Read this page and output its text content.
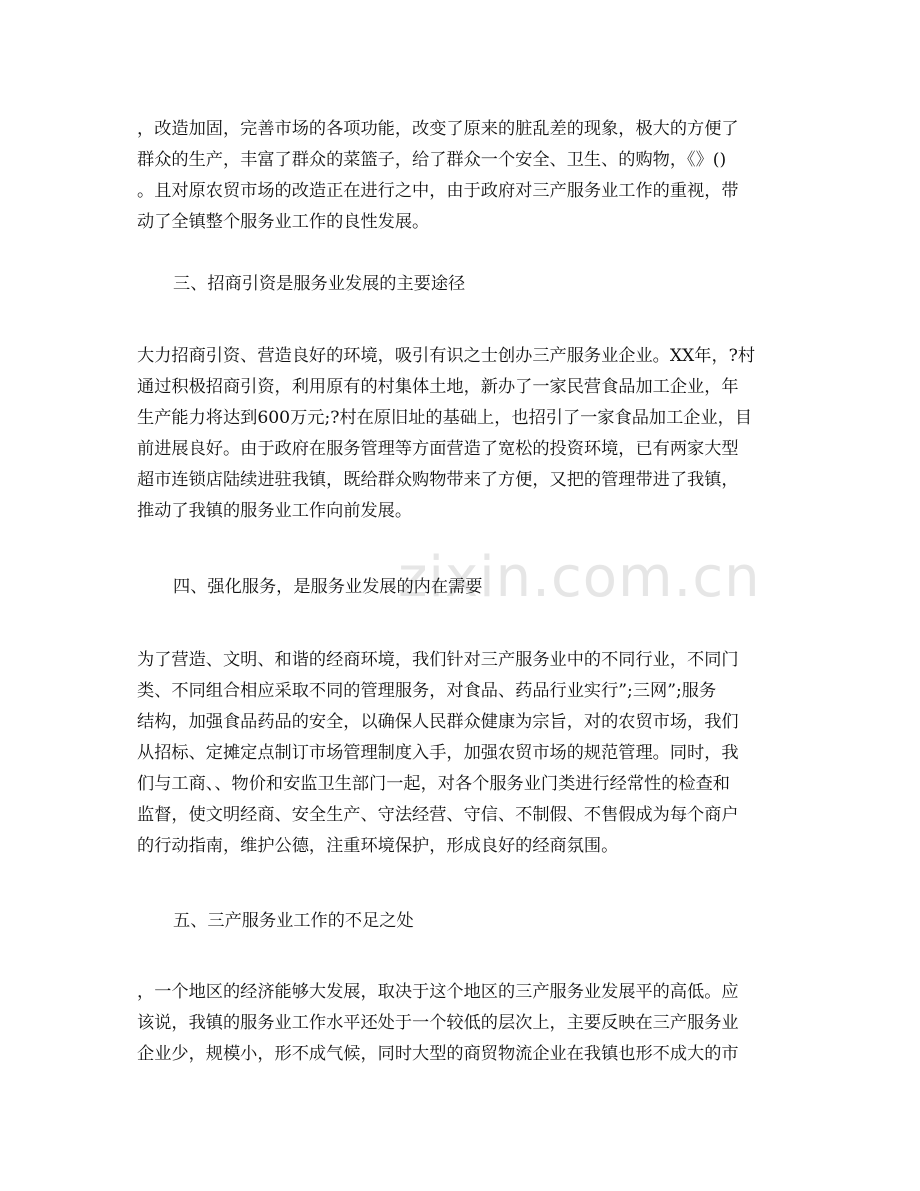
zixin.com.cn
，改造加固，完善市场的各项功能，改变了原来的脏乱差的现象，极大的方便了
群众的生产，丰富了群众的菜篮子，给了群众一个安全、卫生、的购物，《》()
。且对原农贸市场的改造正在进行之中，由于政府对三产服务业工作的重视，带
动了全镇整个服务业工作的良性发展。
三、招商引资是服务业发展的主要途径
大力招商引资、营造良好的环境，吸引有识之士创办三产服务业企业。XX年，?村
通过积极招商引资，利用原有的村集体土地，新办了一家民营食品加工企业，年
生产能力将达到600万元;?村在原旧址的基础上，也招引了一家食品加工企业，目
前进展良好。由于政府在服务管理等方面营造了宽松的投资环境，已有两家大型
超市连锁店陆续进驻我镇，既给群众购物带来了方便，又把的管理带进了我镇，
推动了我镇的服务业工作向前发展。
四、强化服务，是服务业发展的内在需要
为了营造、文明、和谐的经商环境，我们针对三产服务业中的不同行业，不同门
类、不同组合相应采取不同的管理服务，对食品、药品行业实行”;三网”;服务
结构，加强食品药品的安全，以确保人民群众健康为宗旨，对的农贸市场，我们
从招标、定摊定点制订市场管理制度入手，加强农贸市场的规范管理。同时，我
们与工商、、物价和安监卫生部门一起，对各个服务业门类进行经常性的检查和
监督，使文明经商、安全生产、守法经营、守信、不制假、不售假成为每个商户
的行动指南，维护公德，注重环境保护，形成良好的经商氛围。
五、三产服务业工作的不足之处
，一个地区的经济能够大发展，取决于这个地区的三产服务业发展平的高低。应
该说，我镇的服务业工作水平还处于一个较低的层次上，主要反映在三产服务业
企业少，规模小，形不成气候，同时大型的商贸物流企业在我镇也形不成大的市
